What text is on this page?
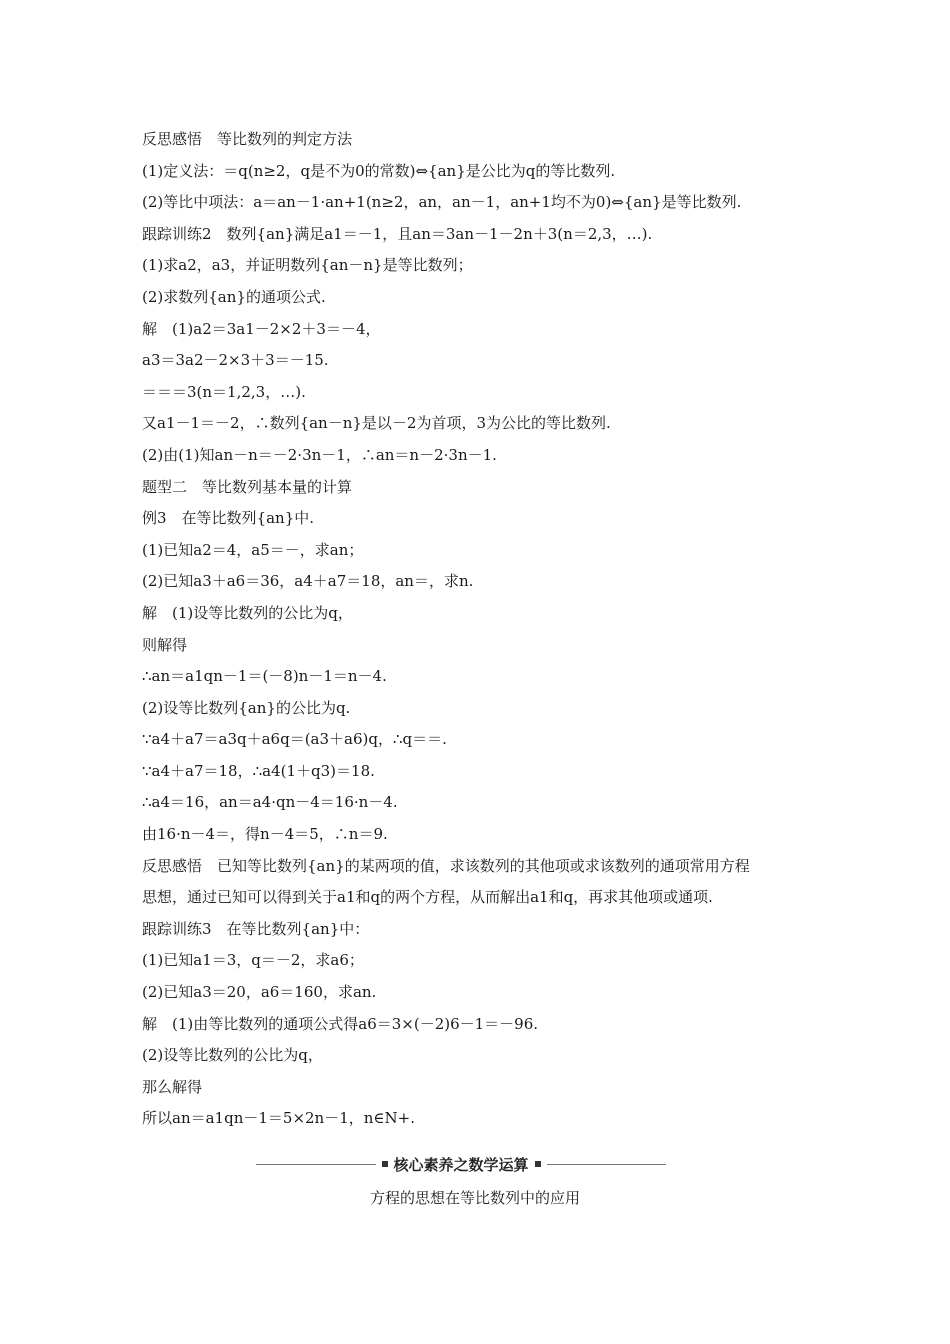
反思感悟　等比数列的判定方法
(1)定义法：＝q(n≥2，q是不为0的常数)⇔{an}是公比为q的等比数列.
(2)等比中项法：a＝an－1·an+1(n≥2，an，an－1，an+1均不为0)⇔{an}是等比数列.
跟踪训练2　数列{an}满足a1＝－1，且an＝3an－1－2n＋3(n＝2,3，…).
(1)求a2，a3，并证明数列{an－n}是等比数列；
(2)求数列{an}的通项公式.
解　(1)a2＝3a1－2×2＋3＝－4，
a3＝3a2－2×3＋3＝－15.
＝＝＝3(n＝1,2,3，…).
又a1－1＝－2，∴数列{an－n}是以－2为首项，3为公比的等比数列.
(2)由(1)知an－n＝－2·3n－1，∴an＝n－2·3n－1.
题型二　等比数列基本量的计算
例3　在等比数列{an}中.
(1)已知a2＝4，a5＝－，求an；
(2)已知a3＋a6＝36，a4＋a7＝18，an＝，求n.
解　(1)设等比数列的公比为q，
则解得
∴an＝a1qn－1＝(－8)n－1＝n－4.
(2)设等比数列{an}的公比为q.
∵a4＋a7＝a3q＋a6q＝(a3＋a6)q，∴q＝＝.
∵a4＋a7＝18，∴a4(1＋q3)＝18.
∴a4＝16，an＝a4·qn－4＝16·n－4.
由16·n－4＝，得n－4＝5，∴n＝9.
反思感悟　已知等比数列{an}的某两项的值，求该数列的其他项或求该数列的通项常用方程
思想，通过已知可以得到关于a1和q的两个方程，从而解出a1和q，再求其他项或通项.
跟踪训练3　在等比数列{an}中：
(1)已知a1＝3，q＝－2，求a6；
(2)已知a3＝20，a6＝160，求an.
解　(1)由等比数列的通项公式得a6＝3×(－2)6－1＝－96.
(2)设等比数列的公比为q，
那么解得
所以an＝a1qn－1＝5×2n－1，n∈N+.
核心素养之数学运算
方程的思想在等比数列中的应用
